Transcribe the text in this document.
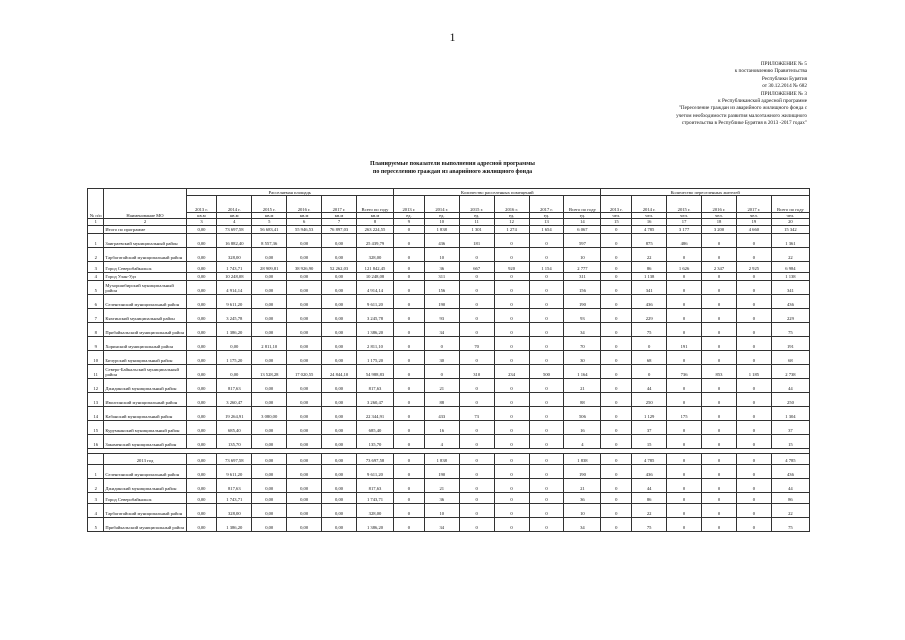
1
ПРИЛОЖЕНИЕ № 5
к постановлению Правительства
Республики Бурятия
от 30.12.2014 № 682
ПРИЛОЖЕНИЕ № 3
к Республиканской адресной программе
"Переселение граждан из аварийного жилищного фонда с
учетом необходимости развития малоэтажного жилищного
строительства в Республике Бурятия в 2013 -2017 годах"
Планируемые показатели выполнения адресной программы
по переселению граждан из аварийного жилищного фонда
№ п/п	Наименование МО	Расселяемая площадь						Количество расселенных помещений						Количество переселенных жителей					
		2013 г.	2014 г.	2015 г.	2016 г.	2017 г.	Всего по году	2013 г.	2014 г.	2015 г.	2016 г.	2017 г.	Всего по году	2013 г.	2014 г.	2015 г.	2016 г.	2017 г.	Всего по году
		кв.м	кв.м	кв.м	кв.м	кв.м	кв.м	ед.	ед.	ед.	ед.	ед.	ед.	чел.	чел.	чел.	чел.	чел.	чел.
1	2	3	4	5	6	7	8	9	10	11	12	13	14	15	16	17	18	19	20
	Итого по программе	0,00	73 697,58	56 683,41	55 946,53	76 897,03	263 224,55	0	1 838	1 301	1 274	1 654	6 067	0	4 785	3 177	3 200	4 660	15 342
1	Заиграевский муниципальный район	0,00	16 882,40	8 557,36	0,00	0,00	25 439,79	0	436	181	0	0	597	0	875	486	0	0	1 361
2	Тарбагатайский муниципальный район	0,00	328,00	0,00	0,00	0,00	328,00	0	10	0	0	0	10	0	22	0	0	0	22
3	Город Северобайкальск	0,00	1 743,71	28 909,81	38 926,90	52 262,03	121 842,45	0	36	667	920	1 154	2 777	0	86	1 626	2 347	2 925	6 984
4	Город Улан-Удэ	0,00	10 248,08	0,00	0,00	0,00	10 248,08	0	311	0	0	0	311	0	1 138	0	0	0	1 138
5	Мухоршибирский муниципальный район	0,00	4 914,14	0,00	0,00	0,00	4 914,14	0	156	0	0	0	156	0	341	0	0	0	341
6	Селенгинский муниципальный район	0,00	9 611,20	0,00	0,00	0,00	9 611,20	0	190	0	0	0	190	0	436	0	0	0	436
7	Кяхтинский муниципальный район	0,00	3 245,78	0,00	0,00	0,00	3 245,78	0	93	0	0	0	93	0	229	0	0	0	229
8	Прибайкальский муниципальный район	0,00	1 386,20	0,00	0,00	0,00	1 386,20	0	34	0	0	0	34	0	75	0	0	0	75
9	Хоринский муниципальный район	0,00	0,00	2 811,10	0,00	0,00	2 811,10	0	0	70	0	0	70	0	0	191	0	0	191
10	Бичурский муниципальный район	0,00	1 175,20	0,00	0,00	0,00	1 175,20	0	30	0	0	0	30	0	68	0	0	0	68
11	Северо-Байкальский муниципальный район	0,00	0,00	13 528,28	17 020,55	24 844,10	54 988,83	0	0	310	234	500	1 164	0	0	736	853	1 185	2 738
12	Джидинский муниципальный район	0,00	817,63	0,00	0,00	0,00	817,63	0	21	0	0	0	21	0	44	0	0	0	44
13	Иволгинский муниципальный район	0,00	3 260,47	0,00	0,00	0,00	3 260,47	0	88	0	0	0	88	0	250	0	0	0	250
14	Кабанский муниципальный район	0,00	19 264,91	3 080,00	0,00	0,00	22 344,91	0	433	73	0	0	506	0	1 129	175	0	0	1 304
15	Курумканский муниципальный район	0,00	685,40	0,00	0,00	0,00	685,40	0	16	0	0	0	16	0	37	0	0	0	37
16	Закаменский муниципальный район	0,00	135,70	0,00	0,00	0,00	135,70	0	4	0	0	0	4	0	15	0	0	0	15

	2013 год	0,00	73 697,58	0,00	0,00	0,00	73 697,58	0	1 838	0	0	0	1 838	0	4 785	0	0	0	4 785
1	Селенгинский муниципальный район	0,00	9 611,20	0,00	0,00	0,00	9 611,20	0	190	0	0	0	190	0	436	0	0	0	436
2	Джидинский муниципальный район	0,00	817,63	0,00	0,00	0,00	817,63	0	21	0	0	0	21	0	44	0	0	0	44
3	Город Северобайкальск	0,00	1 743,71	0,00	0,00	0,00	1 743,71	0	36	0	0	0	36	0	86	0	0	0	86
4	Тарбагатайский муниципальный район	0,00	328,00	0,00	0,00	0,00	328,00	0	10	0	0	0	10	0	22	0	0	0	22
5	Прибайкальский муниципальный район	0,00	1 386,20	0,00	0,00	0,00	1 386,20	0	34	0	0	0	34	0	75	0	0	0	75
